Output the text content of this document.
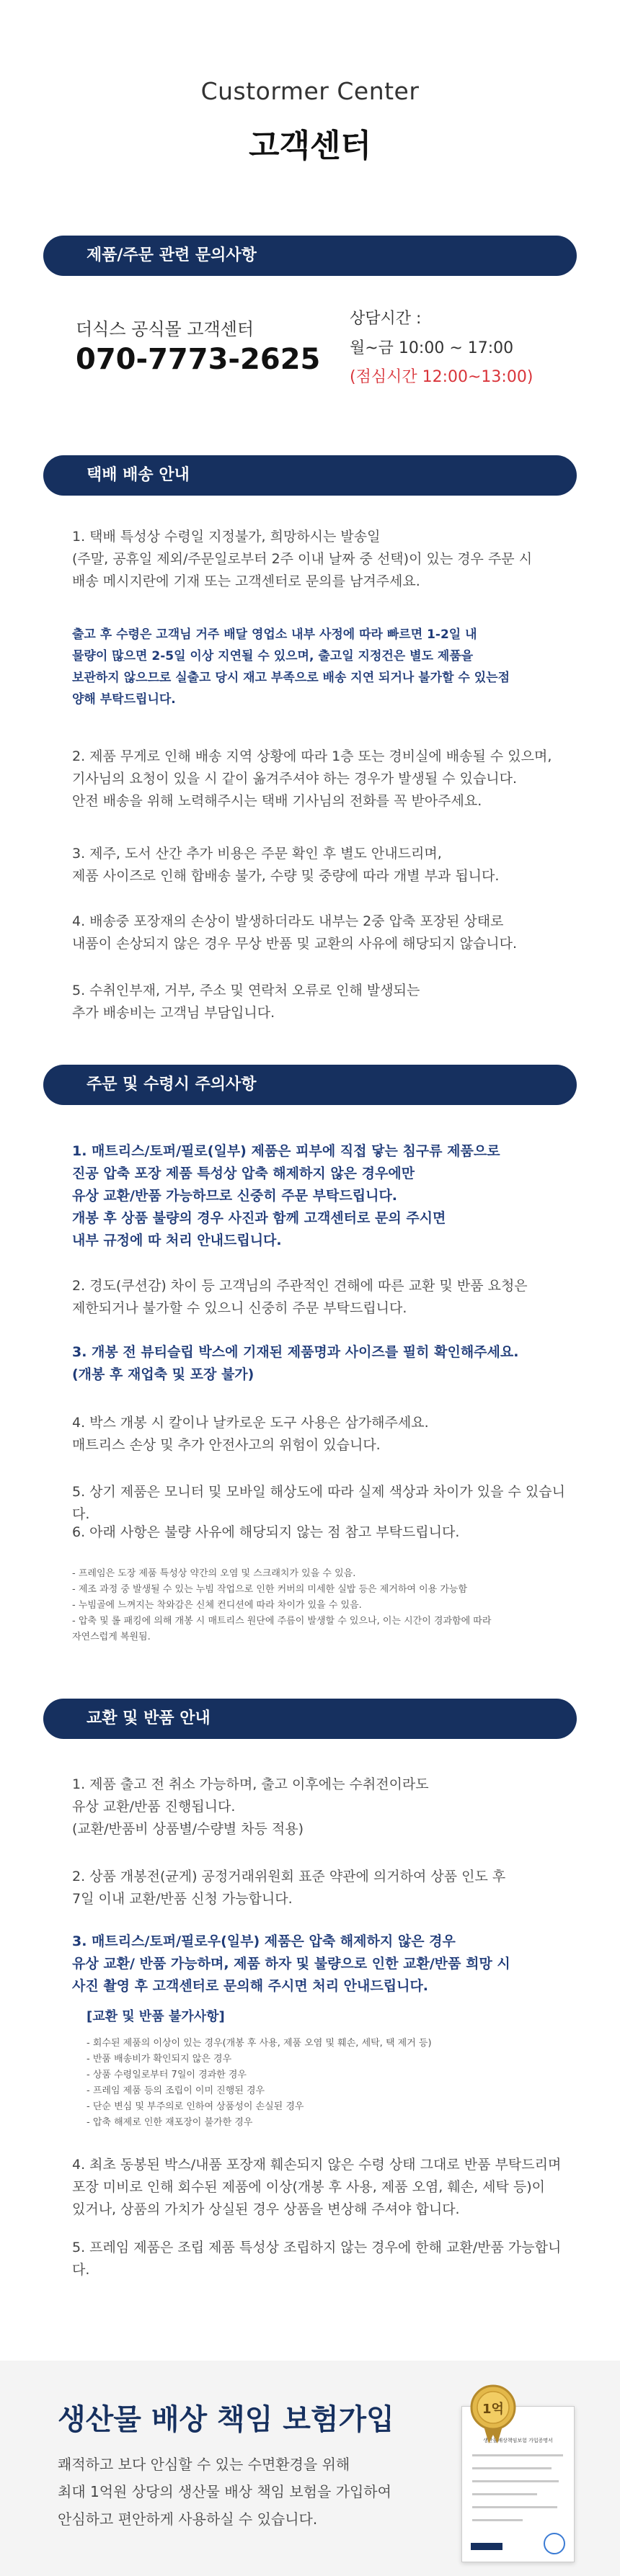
Custormer Center
고객센터
제품/주문 관련 문의사항
더식스 공식몰 고객센터
070-7773-2625
상담시간 :
월~금 10:00 ~ 17:00
(점심시간 12:00~13:00)
택배 배송 안내
1. 택배 특성상 수령일 지정불가, 희망하시는 발송일
(주말, 공휴일 제외/주문일로부터 2주 이내 날짜 중 선택)이 있는 경우 주문 시
배송 메시지란에 기재 또는 고객센터로 문의를 남겨주세요.
출고 후 수령은 고객님 거주 배달 영업소 내부 사정에 따라 빠르면 1-2일 내
물량이 많으면 2-5일 이상 지연될 수 있으며, 출고일 지정건은 별도 제품을
보관하지 않으므로 실출고 당시 재고 부족으로 배송 지연 되거나 불가할 수 있는점
양해 부탁드립니다.
2. 제품 무게로 인해 배송 지역 상황에 따라 1층 또는 경비실에 배송될 수 있으며,
기사님의 요청이 있을 시 같이 옮겨주셔야 하는 경우가 발생될 수 있습니다.
안전 배송을 위해 노력해주시는 택배 기사님의 전화를 꼭 받아주세요.
3. 제주, 도서 산간 추가 비용은 주문 확인 후 별도 안내드리며,
제품 사이즈로 인해 합배송 불가, 수량 및 중량에 따라 개별 부과 됩니다.
4. 배송중 포장재의 손상이 발생하더라도 내부는 2중 압축 포장된 상태로
내품이 손상되지 않은 경우 무상 반품 및 교환의 사유에 해당되지 않습니다.
5. 수취인부재, 거부, 주소 및 연락처 오류로 인해 발생되는
추가 배송비는 고객님 부담입니다.
주문 및 수령시 주의사항
1. 매트리스/토퍼/필로(일부) 제품은 피부에 직접 닿는 침구류 제품으로
진공 압축 포장 제품 특성상 압축 해제하지 않은 경우에만
유상 교환/반품 가능하므로 신중히 주문 부탁드립니다.
개봉 후 상품 불량의 경우 사진과 함께 고객센터로 문의 주시면
내부 규정에 따 처리 안내드립니다.
2. 경도(쿠션감) 차이 등 고객님의 주관적인 견해에 따른 교환 및 반품 요청은
제한되거나 불가할 수 있으니 신중히 주문 부탁드립니다.
3. 개봉 전 뷰티슬립 박스에 기재된 제품명과 사이즈를 필히 확인해주세요.
(개봉 후 재업축 및 포장 불가)
4. 박스 개봉 시 칼이나 날카로운 도구 사용은 삼가해주세요.
매트리스 손상 및 추가 안전사고의 위험이 있습니다.
5. 상기 제품은 모니터 및 모바일 해상도에 따라 실제 색상과 차이가 있을 수 있습니다.
6. 아래 사항은 불량 사유에 해당되지 않는 점 참고 부탁드립니다.
- 프레임은 도장 제품 특성상 약간의 오염 및 스크래치가 있을 수 있음.
- 제조 과정 중 발생될 수 있는 누빔 작업으로 인한 커버의 미세한 실밥 등은 제거하여 이용 가능함
- 누빔골에 느껴지는 착와감은 신체 컨디션에 따라 차이가 있을 수 있음.
- 압축 및 롤 패킹에 의해 개봉 시 매트리스 원단에 주름이 발생할 수 있으나, 이는 시간이 경과함에 따라
자연스럽게 복원됨.
교환 및 반품 안내
1. 제품 출고 전 취소 가능하며, 출고 이후에는 수취전이라도
유상 교환/반품 진행됩니다.
(교환/반품비 상품별/수량별 차등 적용)
2. 상품 개봉전(균게) 공정거래위원회 표준 약관에 의거하여 상품 인도 후
7일 이내 교환/반품 신청 가능합니다.
3. 매트리스/토퍼/필로우(일부) 제품은 압축 해제하지 않은 경우
유상 교환/ 반품 가능하며, 제품 하자 및 불량으로 인한 교환/반품 희망 시
사진 촬영 후 고객센터로 문의해 주시면 처리 안내드립니다.
[교환 및 반품 불가사항]
- 회수된 제품의 이상이 있는 경우(개봉 후 사용, 제품 오염 및 훼손, 세탁, 택 제거 등)
- 반품 배송비가 확인되지 않은 경우
- 상품 수령일로부터 7일이 경과한 경우
- 프레임 제품 등의 조립이 이미 진행된 경우
- 단순 변심 및 부주의로 인하여 상품성이 손실된 경우
- 압축 해제로 인한 재포장이 불가한 경우
4. 최초 동봉된 박스/내품 포장재 훼손되지 않은 수령 상태 그대로 반품 부탁드리며
포장 미비로 인해 회수된 제품에 이상(개봉 후 사용, 제품 오염, 훼손, 세탁 등)이
있거나, 상품의 가치가 상실된 경우 상품을 변상해 주셔야 합니다.
5. 프레임 제품은 조립 제품 특성상 조립하지 않는 경우에 한해 교환/반품 가능합니다.
생산물 배상 책임 보험가입
쾌적하고 보다 안심할 수 있는 수면환경을 위해
최대 1억원 상당의 생산물 배상 책임 보험을 가입하여
안심하고 편안하게 사용하실 수 있습니다.
생산물배상책임보험 가입증명서
1억
